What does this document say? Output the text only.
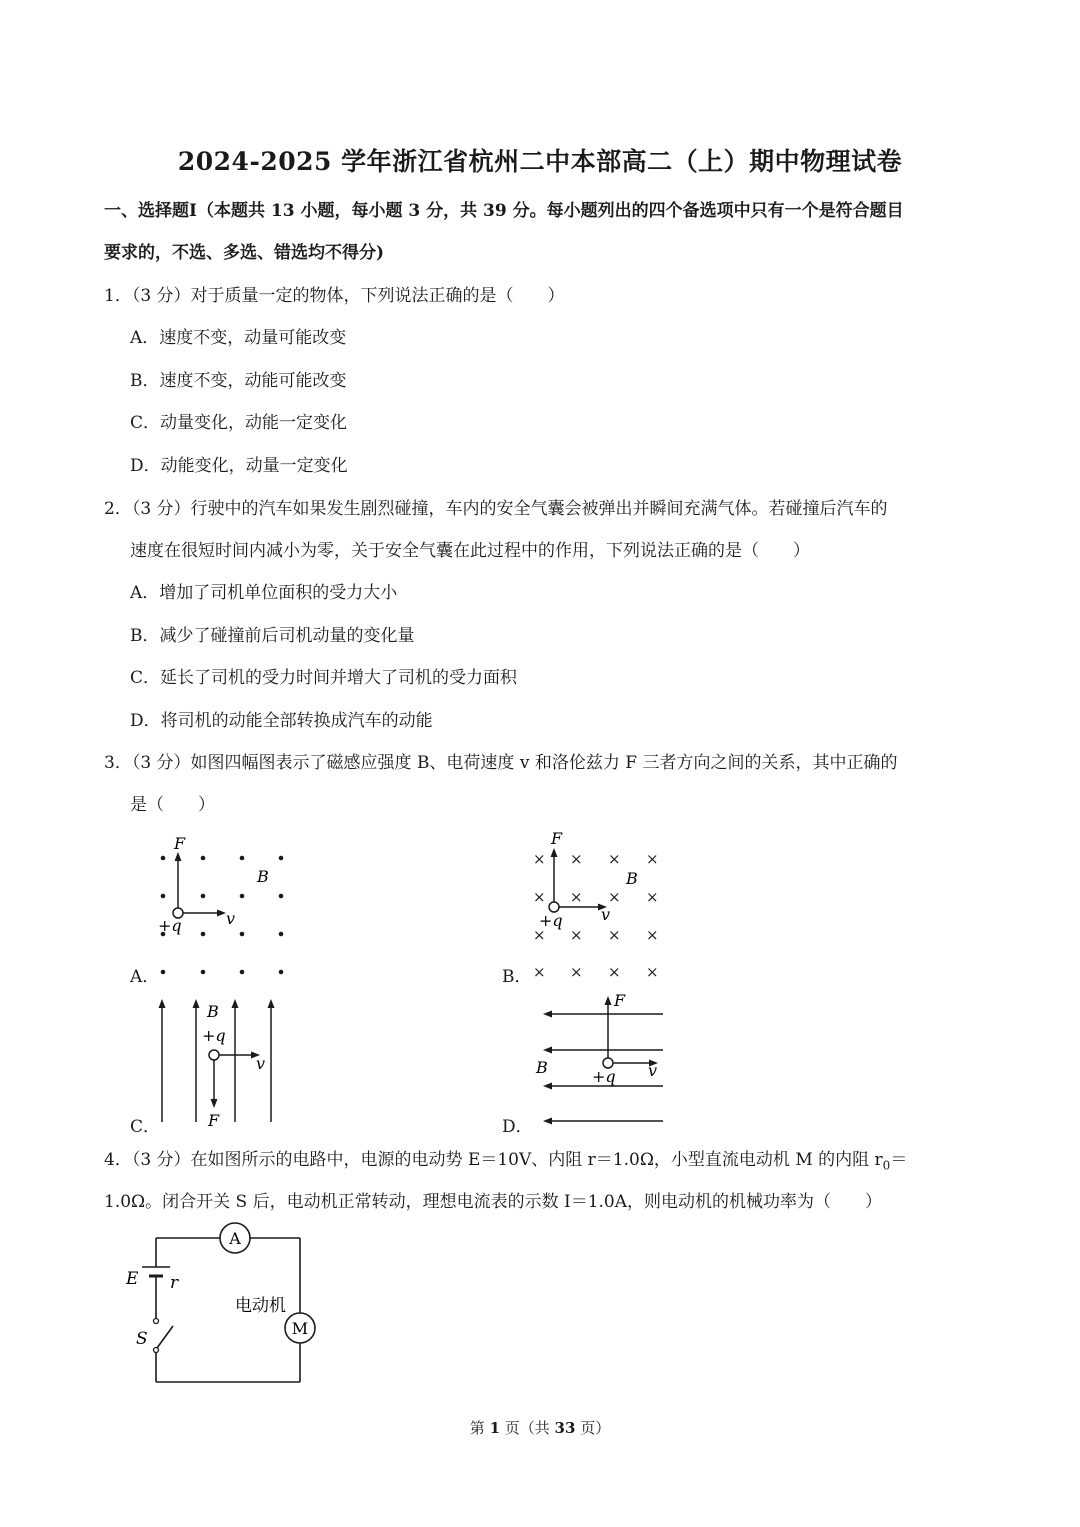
2024-2025 学年浙江省杭州二中本部高二（上）期中物理试卷
一、选择题I（本题共 13 小题，每小题 3 分，共 39 分。每小题列出的四个备选项中只有一个是符合题目
要求的，不选、多选、错选均不得分)
1．（3 分）对于质量一定的物体，下列说法正确的是（　　）
A．速度不变，动量可能改变
B．速度不变，动能可能改变
C．动量变化，动能一定变化
D．动能变化，动量一定变化
2．（3 分）行驶中的汽车如果发生剧烈碰撞，车内的安全气囊会被弹出并瞬间充满气体。若碰撞后汽车的
速度在很短时间内减小为零，关于安全气囊在此过程中的作用，下列说法正确的是（　　）
A．增加了司机单位面积的受力大小
B．减少了碰撞前后司机动量的变化量
C．延长了司机的受力时间并增大了司机的受力面积
D．将司机的动能全部转换成汽车的动能
3．（3 分）如图四幅图表示了磁感应强度 B、电荷速度 v 和洛伦兹力 F 三者方向之间的关系，其中正确的
是（　　）
A．
F
B
v
+q
B．
× × × ×
× × × ×
× × × ×
× × × ×
F
B
v
+q
C．
B
+q
v
F	D．
F
B	+q v
4．（3 分）在如图所示的电路中，电源的电动势 E＝10V、内阻 r＝1.0Ω，小型直流电动机 M 的内阻 $r_0=$
1.0Ω。闭合开关 S 后，电动机正常转动，理想电流表的示数 I＝1.0A，则电动机的机械功率为（　　）
A
M
E r
S
电动机
第 1 页（共 33 页）
